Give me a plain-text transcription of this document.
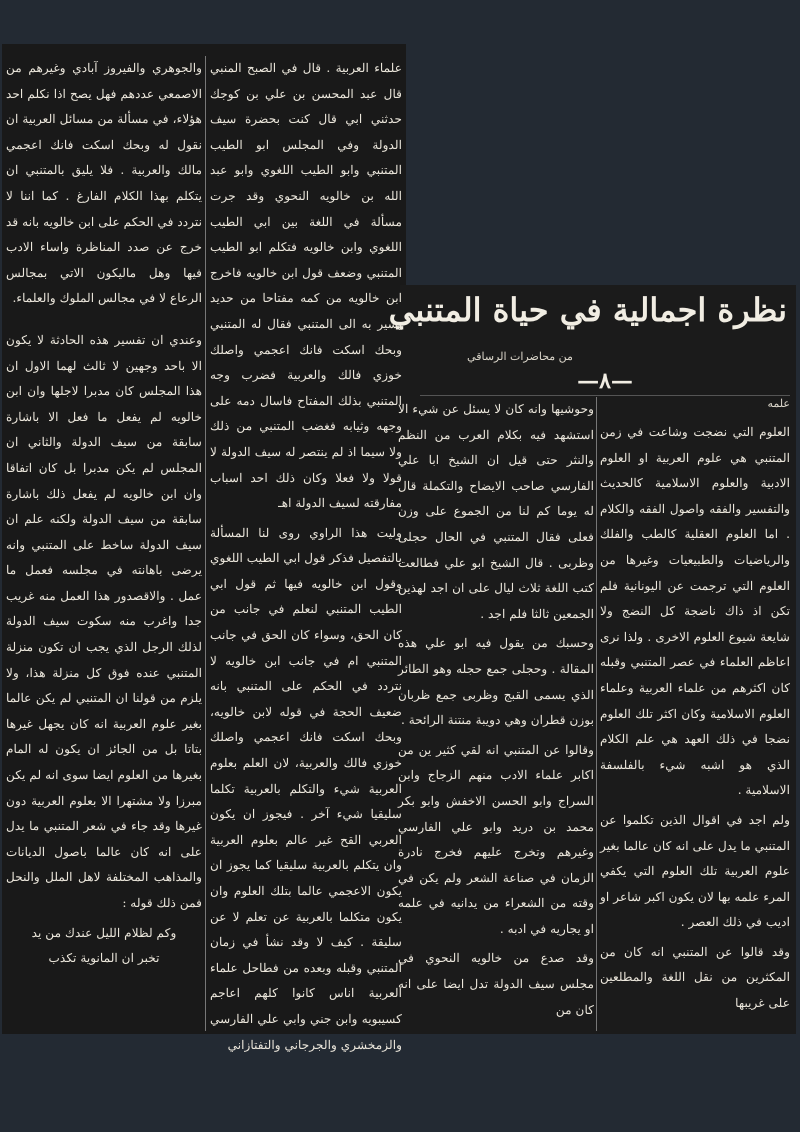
والجوهري والفيروز آبادي وغيرهم من الاصمعي عددهم فهل يصح اذا نكلم احد هؤلاء، في مسألة من مسائل العربية ان نقول له وبحك اسكت فانك اعجمي مالك والعربية . فلا يليق بالمتنبي ان يتكلم بهذا الكلام الفارغ . كما اننا لا نتردد في الحكم على ابن خالويه بانه قد خرج عن صدد المناظرة واساء الادب فيها وهل ماليكون الاتي بمجالس الرعاع لا في مجالس الملوك والعلماء.

وعندي ان تفسير هذه الحادثة لا يكون الا باحد وجهين لا ثالث لهما الاول ان هذا المجلس كان مدبرا لاجلها وان ابن خالويه لم يفعل ما فعل الا باشارة سابقة من سيف الدولة والثاني ان المجلس لم يكن مدبرا بل كان اتفاقا وان ابن خالويه لم يفعل ذلك باشارة سابقة من سيف الدولة ولكنه علم ان سيف الدولة ساخط على المتنبي وانه يرضى باهانته في مجلسه فعمل ما عمل . والاقصدور هذا العمل منه غريب جدا واغرب منه سكوت سيف الدولة لذلك الرجل الذي يجب ان تكون منزلة المتنبي عنده فوق كل منزلة هذا، ولا يلزم من قولنا ان المتنبي لم يكن عالما بغير علوم العربية انه كان يجهل غيرها بتاتا بل من الجائز ان يكون له المام بغيرها من العلوم ايضا سوى انه لم يكن مبرزا ولا مشتهرا الا بعلوم العربية دون غيرها وقد جاء في شعر المتنبي ما يدل على انه كان عالما باصول الديانات والمذاهب المختلفة لاهل الملل والنحل فمن ذلك قوله :

وكم لظلام الليل عندك من يد
تخبر ان المانوية تكذب

علماء العربية . قال في الصبح المنبي قال عبد المحسن بن علي بن كوجك حدثني ابي قال كنت بحضرة سيف الدولة وفي المجلس ابو الطيب المتنبي وابو الطيب اللغوي وابو عبد الله بن خالويه النحوي وقد جرت مسألة في اللغة بين ابي الطيب اللغوي وابن خالويه فتكلم ابو الطيب المتنبي وضعف قول ابن خالويه فاخرج ابن خالويه من كمه مفتاحا من حديد يشير به الى المتنبي فقال له المتنبي وبحك اسكت فانك اعجمي واصلك خوزي فالك والعربية فضرب وجه المتنبي بذلك المفتاح فاسال دمه على وجهه وثيابه فغضب المتنبي من ذلك ولا سيما اذ لم ينتصر له سيف الدولة لا قولا ولا فعلا وكان ذلك احد اسباب مفارقته لسيف الدولة اهـ

وليت هذا الراوي روى لنا المسألة بالتفصيل فذكر قول ابي الطيب اللغوي وقول ابن خالويه فيها ثم قول ابي الطيب المتنبي لنعلم في جانب من كان الحق، وسواء كان الحق في جانب المتنبي ام في جانب ابن خالويه لا نتردد في الحكم على المتنبي بانه ضعيف الحجة في قوله لابن خالويه، وبحك اسكت فانك اعجمي واصلك خوزي فالك والعربية، لان العلم بعلوم العربية شيء والتكلم بالعربية تكلما سليقيا شيء آخر . فيجوز ان يكون العربي القح غير عالم بعلوم العربية وان يتكلم بالعربية سليقيا كما يجوز ان يكون الاعجمي عالما بتلك العلوم وان يكون متكلما بالعربية عن تعلم لا عن سليقة . كيف لا وقد نشأ في زمان المتنبي وقبله وبعده من فطاحل علماء العربية اناس كانوا كلهم اعاجم كسيبويه وابن جني وابي علي الفارسي والزمخشري والجرجاني والتفتازاني

نظرة اجمالية في حياة المتنبي
من محاضرات الرساقي
—٨—

وحوشيها وانه كان لا يسئل عن شيء الا استشهد فيه بكلام العرب من النظم والنثر حتى قيل ان الشيخ ابا علي الفارسي صاحب الايضاح والتكملة قال له يوما كم لنا من الجموع على وزن فعلى فقال المتنبي في الحال حجلى وظربى . قال الشيخ ابو علي فطالعت كتب اللغة ثلاث ليال على ان اجد لهذين الجمعين ثالثا فلم اجد .

وحسبك من يقول فيه ابو علي هذه المقالة . وحجلى جمع حجله وهو الطائر الذي يسمى القبج وظربى جمع ظربان بوزن قطران وهي دويبة منتنة الرائحة .

وقالوا عن المتنبي انه لقي كثير ين من اكابر علماء الادب منهم الزجاج وابن السراج وابو الحسن الاخفش وابو بكر محمد بن دريد وابو علي الفارسي وغيرهم وتخرج عليهم فخرج نادرة الزمان في صناعة الشعر ولم يكن في وقته من الشعراء من يدانيه في علمه او يجاريه في ادبه .

وقد صدع من خالويه النحوي في مجلس سيف الدولة تدل ايضا على انه كان من

علمه

العلوم التي نضجت وشاعت في زمن المتنبي هي علوم العربية او العلوم الادبية والعلوم الاسلامية كالحديث والتفسير والفقه واصول الفقه والكلام . اما العلوم العقلية كالطب والفلك والرياضيات والطبيعيات وغيرها من العلوم التي ترجمت عن اليونانية فلم تكن اذ ذاك ناضجة كل النضج ولا شايعة شيوع العلوم الاخرى . ولذا نرى اعاظم العلماء في عصر المتنبي وقبله كان اكثرهم من علماء العربية وعلماء العلوم الاسلامية وكان اكثر تلك العلوم نضجا في ذلك العهد هي علم الكلام الذي هو اشبه شيء بالفلسفة الاسلامية .

ولم اجد في اقوال الذين تكلموا عن المتنبي ما يدل على انه كان عالما بغير علوم العربية تلك العلوم التي يكفي المرء علمه بها لان يكون اكبر شاعر او اديب في ذلك العصر .

وقد قالوا عن المتنبي انه كان من المكثرين من نقل اللغة والمطلعين على غريبها
